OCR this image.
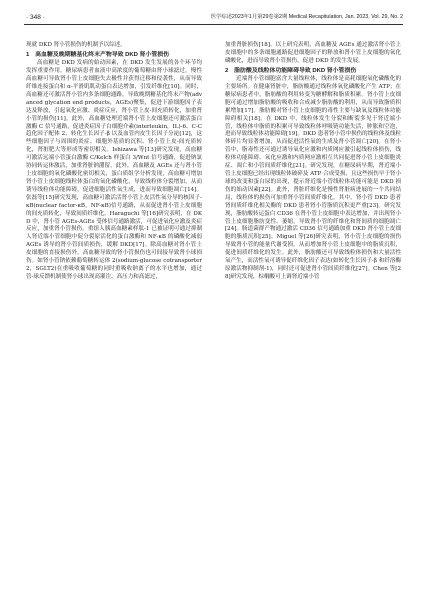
· 348 ·	医学综述2023年1月第29卷第2期 Medical Recapitulation, Jan. 2023, Vol. 29, No. 2

现就 DKD 肾小管损伤的机制予以综述。

1　高血糖及晚期糖基化终末产物导致 DKD 肾小管损伤

高血糖是 DKD 发病的始动因素，在 DKD 发生发展的各个环节均发挥重要作用。糖尿病患者血液中高浓度的葡萄糖由肾小球滤过，慢性高血糖可导致肾小管上皮细胞失去极性并获得迁移和侵袭性，从而导致纤维连接蛋白和 α-平滑肌肌动蛋白表达增加，引发纤维化[10]。同时，高血糖还可激活肾小管内多条细胞通路，导致晚期糖基化终末产物(advanced glycation end products，AGEs)聚集，促进下游细胞因子表达及释放，引起氧化应激、炎症反应，肾小管上皮-间充质转化，加重肾小管的损伤[11]。此外，高血糖处理近端肾小管上皮细胞还可激活蛋白激酶 C 信号通路，促进炎症因子白细胞介素(interleukin，IL)-6、C-C 趋化因子配体 2、转化生长因子-β 以及血管内皮生长因子分泌[12]，这些细胞因子与周围的炎症、细胞外基质的沉积、肾小管上皮-间充质转化，肾脏肥大等形成等密切相关。Ishizawa 等[13]研究发现，高血糖可激活远端小管蛋白激酶 C/Kelch 样蛋白 3/Wnt 信号通路，促进钠氯协同转运体激活，加重肾脏钠潴留。此外，高血糖及 AGEs 还与肾小管上皮细胞的氧化磷酸化密切相关，蛋白质组学分析发现，高血糖可增加肾小管上皮细胞线粒体蛋白的氧化磷酸化，导致线粒体分裂增加，从而诱导线粒体功能障碍，促进细胞活性氧生成，进而导致细胞凋亡[14]。张磊等[15]研究发现，高血糖可激活活肾小管上皮活性氧分导的核因子-κB(nuclear factor-κB，NF-κB)信号通路，从而促进肾小管上皮细胞的间充质转化，导致间质纤维化。Haraguchi 等[16]研究表明，在 DKD 中，肾小管 AGEs-AGEs 受体信号通路激活，可促进氧化应激及炎症反应，加重肾小管损伤。重组人胰高血糖素样肽-1 已被证明可通过抑制人肾近端小管细胞中促分裂原活化的蛋白激酶和 NF-κB 的磷酸化减弱 AGEs 诱导的肾小管间质损伤，缓解 DKD[17]。除高血糖对肾小管上皮细胞的直接损伤外，高血糖导致的肾小管损伤也可间接导致肾小球损伤。如肾小管钠依赖葡萄糖转运体 2(sodium-glucose cotransporter 2，SGLT2)在重吸收葡萄糖的同时重吸收钠离子的水平也增加，通过管-球反馈机制使肾小球出现高灌注、高压力和高滤过，

加重肾脏损伤[18]。以上研究表明，高血糖及 AGEs 通过激活肾小管上皮细胞中的多条细胞通路促进细胞因子的释放和肾小管上皮细胞的氧化磷酸化，进而导致肾小管损伤，促进 DKD 的发生发展。

2　脂肪酸及线粒体功能障碍导致 DKD 肾小管损伤

近端肾小管细胞富含大量线粒体，线粒体是高耗细胞氧化磷酸化的主要场所。在健康肾脏中，脂肪酸通过线粒体氧化磷酸化产生 ATP；在糖尿病患者中，脂肪酸的利用转变为糖酵解和脂质积累。肾小管上皮细胞可通过增加脂肪酸的吸收和合成减少脂肪酸的利用，从而导致脂质积累增加[17]。脂肪酸对肾小管上皮细胞的毒性主要与缺氧及线粒体功能障碍相关[18]。在 DKD 中，线粒体发生分裂和断裂多见于肾近端小管，线粒体中脂质的积累可导致线粒体呼吸链功能失活，肿胀和空泡，进而导致线粒体功能障碍[19]。DKD 患者肾小管中损伤的线粒体及线粒体碎片均显著增加，从而促进活性氧的生成及肾小管凋亡[20]。在肾小管中，脂毒性还可通过诱导氧化应激和内质网应激引起线粒体损伤，线粒体功能障碍、氧化应激和内质网应激相互共同促进肾小管上皮细胞炎症、凋亡和小管间质纤维化[21]。研究发现，在糖尿病早期，肾近端小管上皮细胞已经出现线粒体破碎及 ATP 合成受损，且这些损伤早于肾小球的改变和蛋白尿的出现，提示肾近端小管线粒体功能可能是 DKD 损伤的始动因素[22]。此外，肾脏纤维化是慢性肾脏病进展的一个共同结局，线粒体的损伤可加重肾小管间质纤维化。其中，肾小管 DKD 患者肾间质纤维化相关酶的 DKD 患者肾小管脂质沉积更严重[23]。研究发现，脂肪酸转运蛋白 CD36 在肾小管上皮细胞中表达增加，并出现肾小管上皮细胞脂肪变性、萎缩，导致肾小管的纤维化和肾间质的细胞凋亡[24]。肠道菌群产物通过激活 CD36 信号通路加重 DKD 肾小管上皮细胞的脂质沉积[25]。Miguel 等[26]研究表明，肾小管上皮细胞的损伤导致肾小管的能量代谢受损，从而增加肾小管上皮细胞中的脂质沉积，促进间质纤维化的发生。此外，脂肪酸还可导致线粒体损伤和大量活性氧产生，而活性氧可诱导促纤维化因子表达(如转化生长因子-β 和纤溶酶原激活物抑制剂-1)，同时还可促进肾小管间质纤维化[27]。Chen 等[28]研究发现，棕榈酸可上调肾近端小管
